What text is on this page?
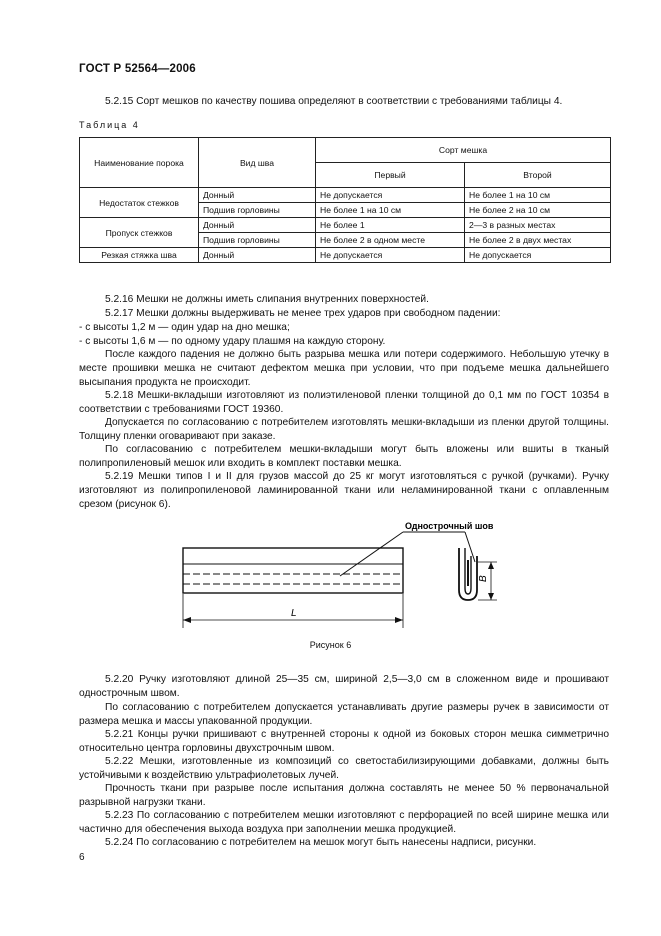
ГОСТ Р 52564—2006

5.2.15 Сорт мешков по качеству пошива определяют в соответствии с требованиями таблицы 4.

Таблица 4
Наименование порока	Вид шва	Сорт мешка	
		Первый	Второй
Недостаток стежков	Донный	Не допускается	Не более 1 на 10 см
	Подшив горловины	Не более 1 на 10 см	Не более 2 на 10 см
Пропуск стежков	Донный	Не более 1	2—3 в разных местах
	Подшив горловины	Не более 2 в одном месте	Не более 2 в двух местах
Резкая стяжка шва	Донный	Не допускается	Не допускается

5.2.16 Мешки не должны иметь слипания внутренних поверхностей.

5.2.17 Мешки должны выдерживать не менее трех ударов при свободном падении:

- с высоты 1,2 м — один удар на дно мешка;

- с высоты 1,6 м — по одному удару плашмя на каждую сторону.

После каждого падения не должно быть разрыва мешка или потери содержимого. Небольшую утечку в месте прошивки мешка не считают дефектом мешка при условии, что при подъеме мешка дальнейшего высыпания продукта не происходит.

5.2.18 Мешки-вкладыши изготовляют из полиэтиленовой пленки толщиной до 0,1 мм по ГОСТ 10354 в соответствии с требованиями ГОСТ 19360.

Допускается по согласованию с потребителем изготовлять мешки-вкладыши из пленки другой толщины. Толщину пленки оговаривают при заказе.

По согласованию с потребителем мешки-вкладыши могут быть вложены или вшиты в тканый полипропиленовый мешок или входить в комплект поставки мешка.

5.2.19 Мешки типов I и II для грузов массой до 25 кг могут изготовляться с ручкой (ручками). Ручку изготовляют из полипропиленовой ламинированной ткани или неламинированной ткани с оплавленным срезом (рисунок 6).

Однострочный шов
L
B
Рисунок 6

5.2.20 Ручку изготовляют длиной 25—35 см, шириной 2,5—3,0 см в сложенном виде и прошивают однострочным швом.

По согласованию с потребителем допускается устанавливать другие размеры ручек в зависимости от размера мешка и массы упакованной продукции.

5.2.21 Концы ручки пришивают с внутренней стороны к одной из боковых сторон мешка симметрично относительно центра горловины двухстрочным швом.

5.2.22 Мешки, изготовленные из композиций со светостабилизирующими добавками, должны быть устойчивыми к воздействию ультрафиолетовых лучей.

Прочность ткани при разрыве после испытания должна составлять не менее 50 % первоначальной разрывной нагрузки ткани.

5.2.23 По согласованию с потребителем мешки изготовляют с перфорацией по всей ширине мешка или частично для обеспечения выхода воздуха при заполнении мешка продукцией.

5.2.24 По согласованию с потребителем на мешок могут быть нанесены надписи, рисунки.

6
